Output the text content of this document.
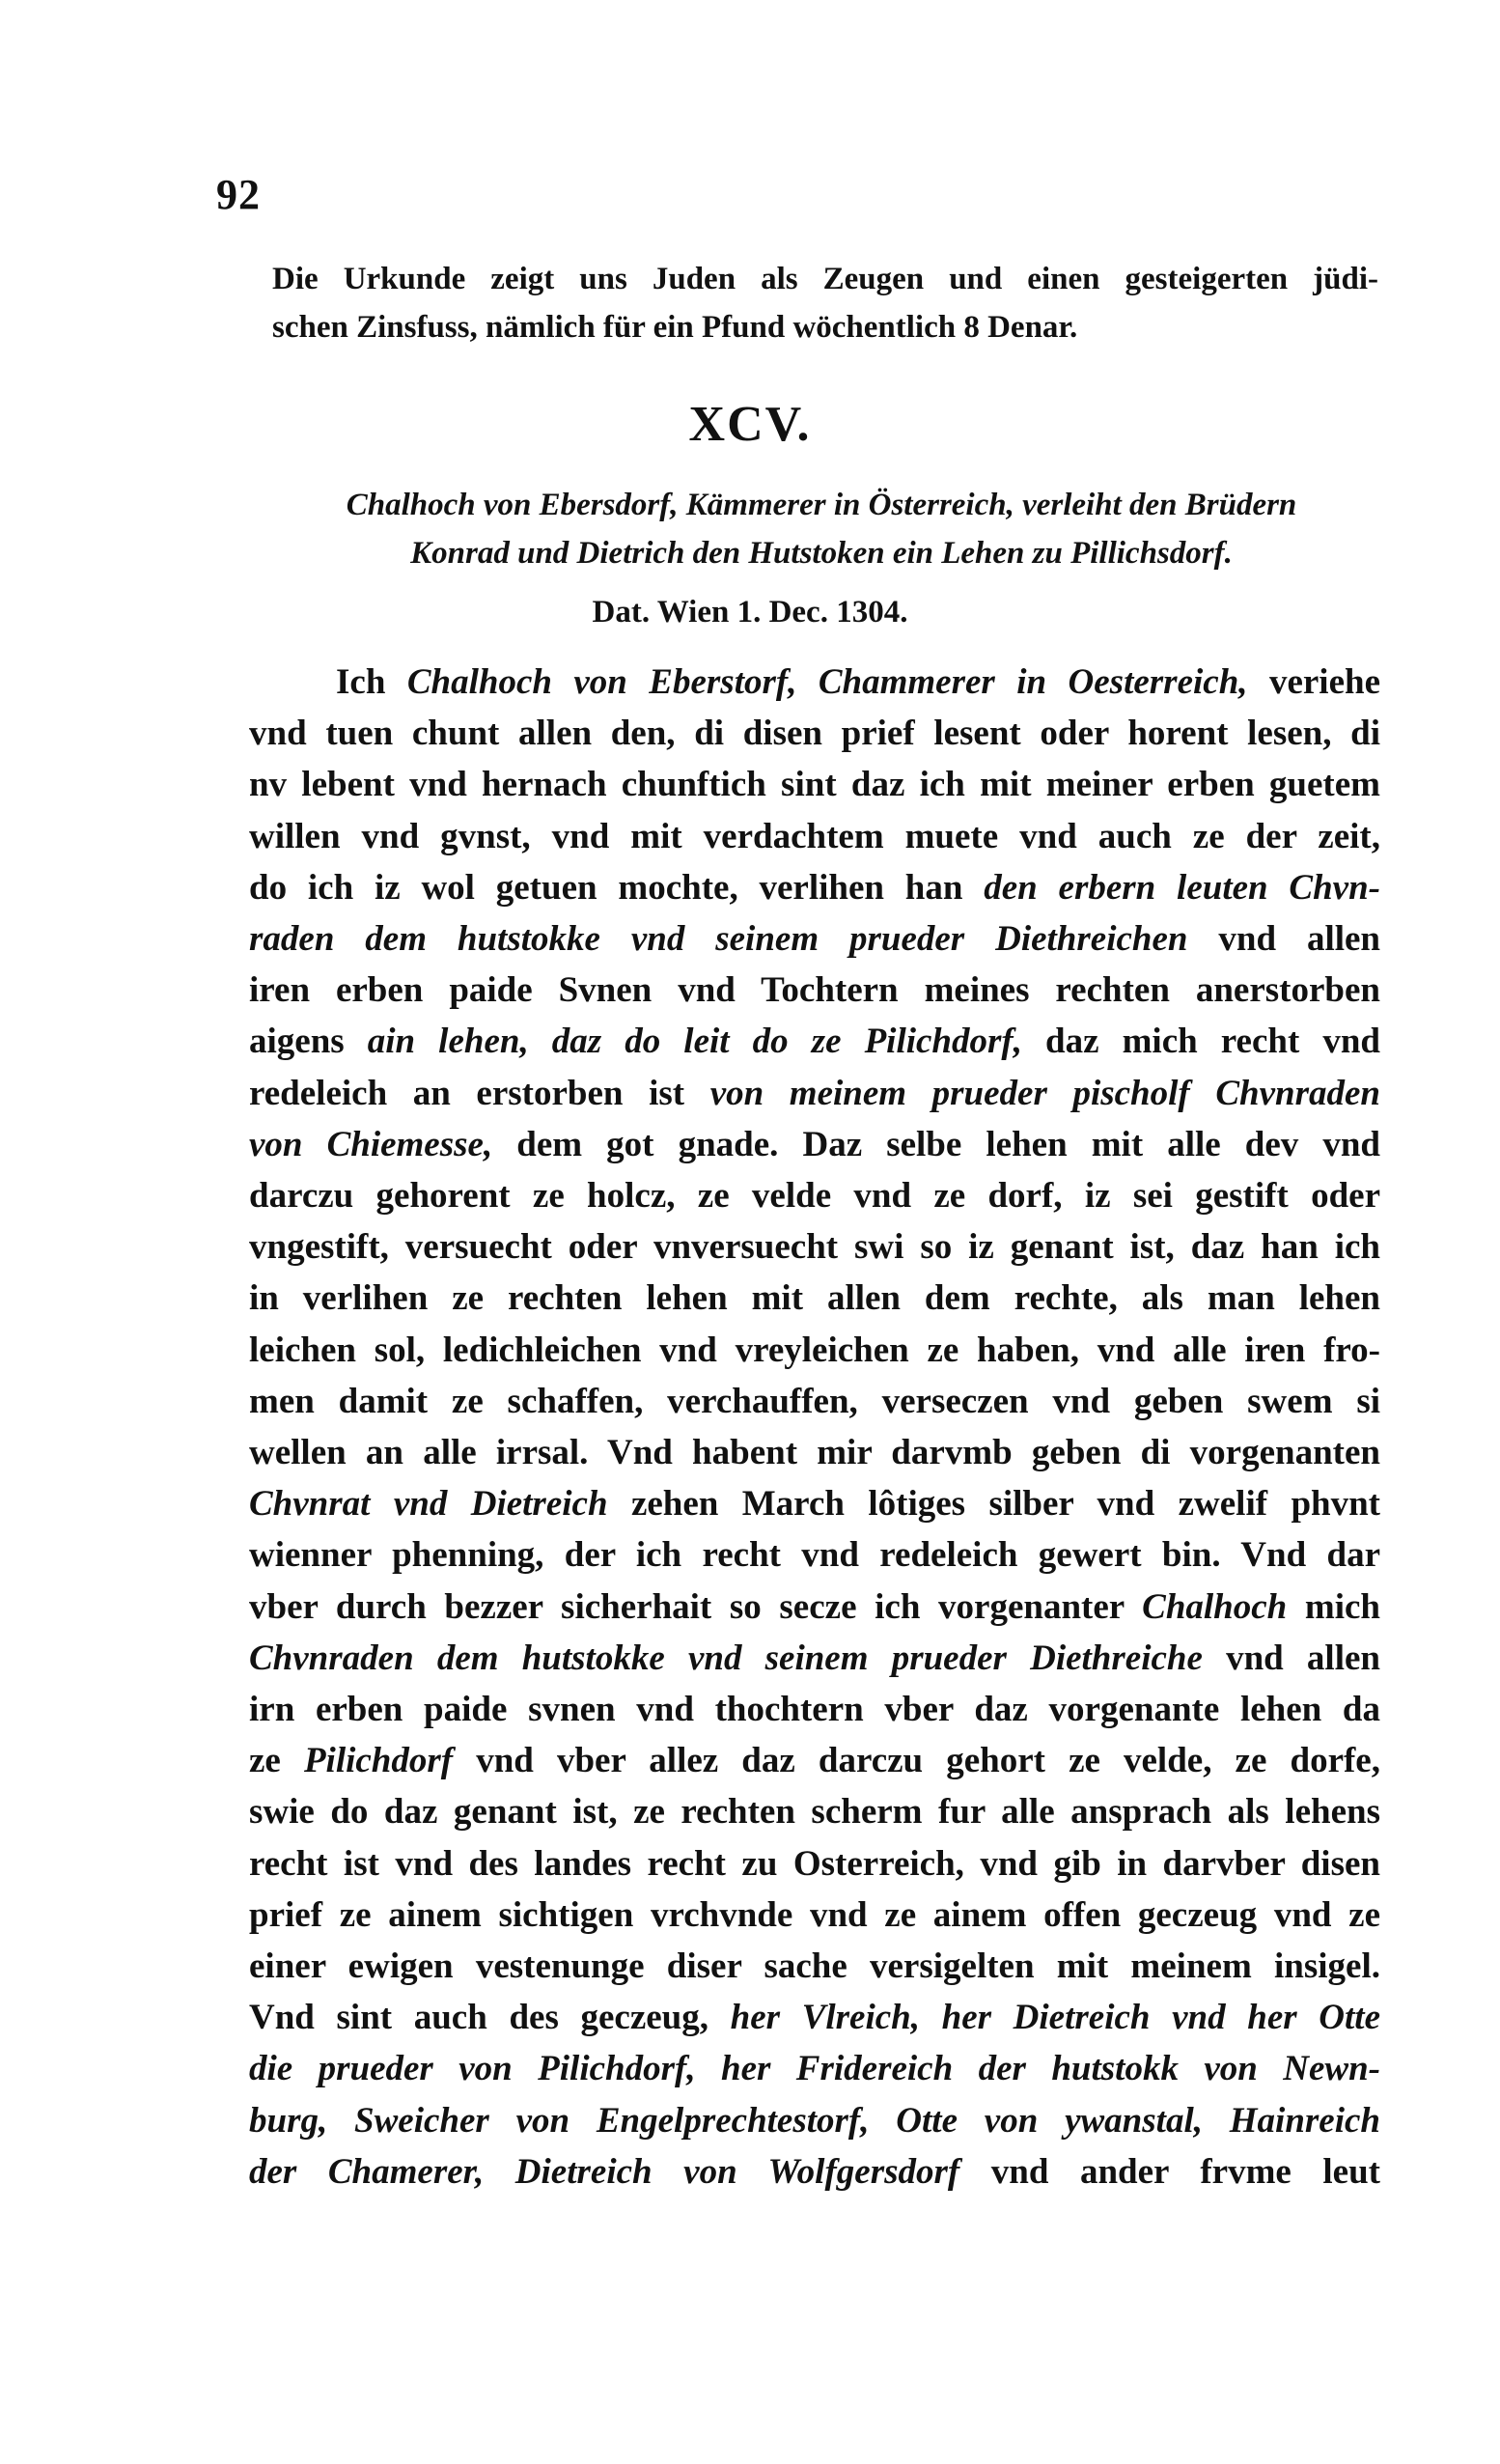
92
Die Urkunde zeigt uns Juden als Zeugen und einen gesteigerten jüdi-
schen Zinsfuss, nämlich für ein Pfund wöchentlich 8 Denar.
XCV.
Chalhoch von Ebersdorf, Kämmerer in Österreich, verleiht den Brüdern
Konrad und Dietrich den Hutstoken ein Lehen zu Pillichsdorf.
Dat. Wien 1. Dec. 1304.
Ich Chalhoch von Eberstorf, Chammerer in Oesterreich, veriehe
vnd tuen chunt allen den, di disen prief lesent oder horent lesen, di
nv lebent vnd hernach chunftich sint daz ich mit meiner erben guetem
willen vnd gvnst, vnd mit verdachtem muete vnd auch ze der zeit,
do ich iz wol getuen mochte, verlihen han den erbern leuten Chvn-
raden dem hutstokke vnd seinem prueder Diethreichen vnd allen
iren erben paide Svnen vnd Tochtern meines rechten anerstorben
aigens ain lehen, daz do leit do ze Pilichdorf, daz mich recht vnd
redeleich an erstorben ist von meinem prueder pischolf Chvnraden
von Chiemesse, dem got gnade. Daz selbe lehen mit alle dev vnd
darczu gehorent ze holcz, ze velde vnd ze dorf, iz sei gestift oder
vngestift, versuecht oder vnversuecht swi so iz genant ist, daz han ich
in verlihen ze rechten lehen mit allen dem rechte, als man lehen
leichen sol, ledichleichen vnd vreyleichen ze haben, vnd alle iren fro-
men damit ze schaffen, verchauffen, verseczen vnd geben swem si
wellen an alle irrsal. Vnd habent mir darvmb geben di vorgenanten
Chvnrat vnd Dietreich zehen March lôtiges silber vnd zwelif phvnt
wienner phenning, der ich recht vnd redeleich gewert bin. Vnd dar
vber durch bezzer sicherhait so secze ich vorgenanter Chalhoch mich
Chvnraden dem hutstokke vnd seinem prueder Diethreiche vnd allen
irn erben paide svnen vnd thochtern vber daz vorgenante lehen da
ze Pilichdorf vnd vber allez daz darczu gehort ze velde, ze dorfe,
swie do daz genant ist, ze rechten scherm fur alle ansprach als lehens
recht ist vnd des landes recht zu Osterreich, vnd gib in darvber disen
prief ze ainem sichtigen vrchvnde vnd ze ainem offen geczeug vnd ze
einer ewigen vestenunge diser sache versigelten mit meinem insigel.
Vnd sint auch des geczeug, her Vlreich, her Dietreich vnd her Otte
die prueder von Pilichdorf, her Fridereich der hutstokk von Newn-
burg, Sweicher von Engelprechtestorf, Otte von ywanstal, Hainreich
der Chamerer, Dietreich von Wolfgersdorf vnd ander frvme leut
